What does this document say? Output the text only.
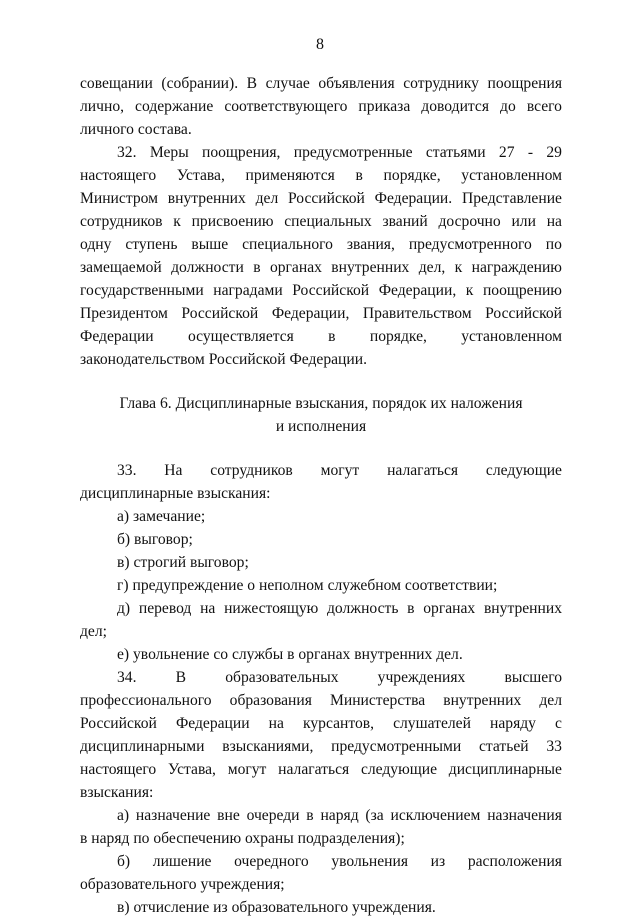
8
совещании (собрании). В случае объявления сотруднику поощрения
лично, содержание соответствующего приказа доводится до всего
личного состава.
32. Меры поощрения, предусмотренные статьями 27 - 29
настоящего Устава, применяются в порядке, установленном
Министром внутренних дел Российской Федерации. Представление
сотрудников к присвоению специальных званий досрочно или на
одну ступень выше специального звания, предусмотренного по
замещаемой должности в органах внутренних дел, к награждению
государственными наградами Российской Федерации, к поощрению
Президентом Российской Федерации, Правительством Российской
Федерации осуществляется в порядке, установленном
законодательством Российской Федерации.
Глава 6. Дисциплинарные взыскания, порядок их наложения
и исполнения
33. На сотрудников могут налагаться следующие
дисциплинарные взыскания:
а) замечание;
б) выговор;
в) строгий выговор;
г) предупреждение о неполном служебном соответствии;
д) перевод на нижестоящую должность в органах внутренних
дел;
е) увольнение со службы в органах внутренних дел.
34.	В	образовательных	учреждениях	высшего
профессионального образования Министерства внутренних дел
Российской Федерации на курсантов, слушателей наряду с
дисциплинарными взысканиями, предусмотренными статьей 33
настоящего Устава, могут налагаться следующие дисциплинарные
взыскания:
а) назначение вне очереди в наряд (за исключением назначения
в наряд по обеспечению охраны подразделения);
б) лишение очередного увольнения из расположения
образовательного учреждения;
в) отчисление из образовательного учреждения.
